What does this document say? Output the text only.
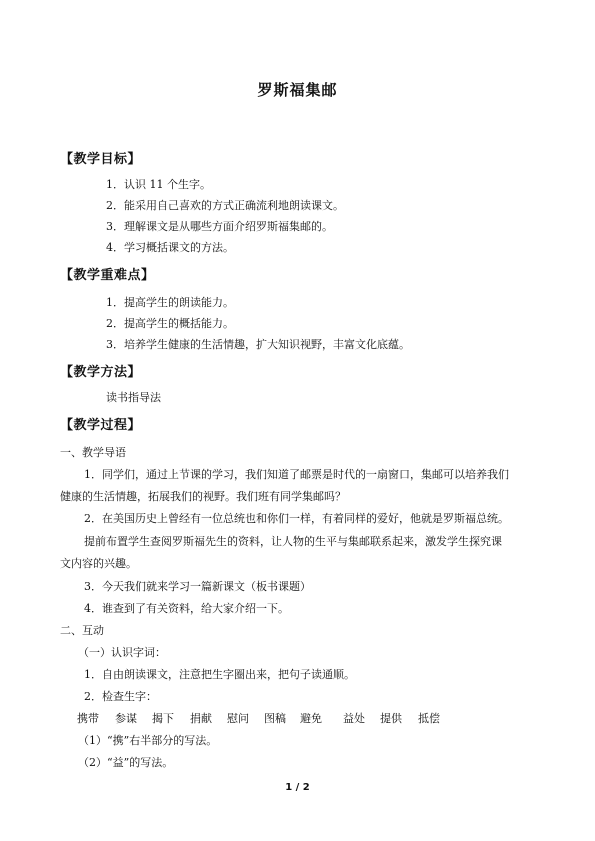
罗斯福集邮
【教学目标】
1．认识 11 个生字。
2．能采用自己喜欢的方式正确流利地朗读课文。
3．理解课文是从哪些方面介绍罗斯福集邮的。
4．学习概括课文的方法。
【教学重难点】
1．提高学生的朗读能力。
2．提高学生的概括能力。
3．培养学生健康的生活情趣，扩大知识视野，丰富文化底蕴。
【教学方法】
读书指导法
【教学过程】
一、教学导语
1．同学们，通过上节课的学习，我们知道了邮票是时代的一扇窗口，集邮可以培养我们
健康的生活情趣，拓展我们的视野。我们班有同学集邮吗？
2．在美国历史上曾经有一位总统也和你们一样，有着同样的爱好，他就是罗斯福总统。
提前布置学生查阅罗斯福先生的资料，让人物的生平与集邮联系起来，激发学生探究课
文内容的兴趣。
3．今天我们就来学习一篇新课文（板书课题）
4．谁查到了有关资料，给大家介绍一下。
二、互动
（一）认识字词：
1．自由朗读课文，注意把生字圈出来，把句子读通顺。
2．检查生字：
携带 参谋 揭下 捐献 慰问 图稿 避免 益处 提供 抵偿
（1）“携”右半部分的写法。
（2）“益”的写法。
1 / 2
